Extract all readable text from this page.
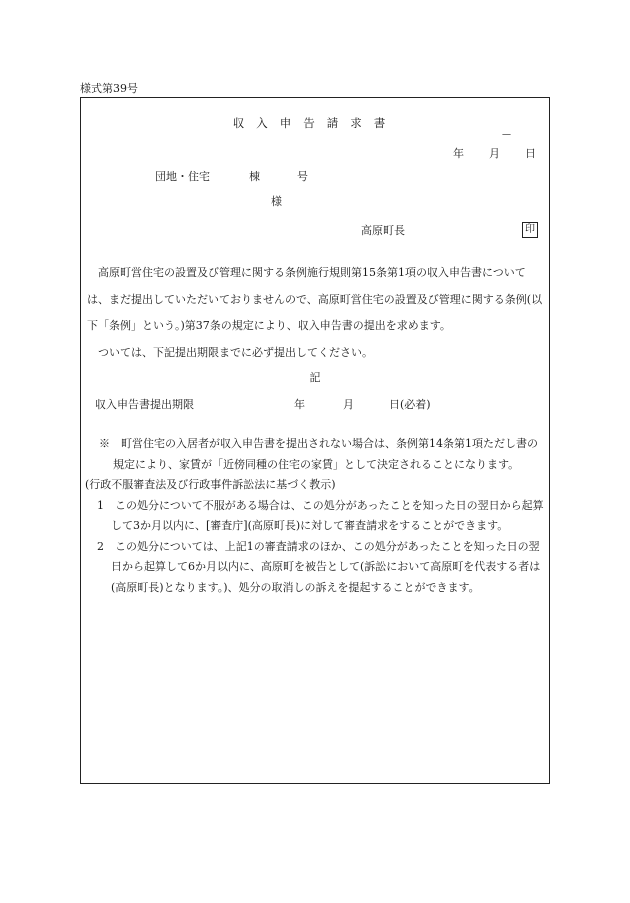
様式第39号
収入申告請求書
—
年 月 日
団地・住宅	棟	号
様
高原町長	印

高原町営住宅の設置及び管理に関する条例施行規則第15条第1項の収入申告書については、まだ提出していただいておりませんので、高原町営住宅の設置及び管理に関する条例(以下「条例」という。)第37条の規定により、収入申告書の提出を求めます。

ついては、下記提出期限までに必ず提出してください。

記
収入申告書提出期限	年	月	日(必着)

※　町営住宅の入居者が収入申告書を提出されない場合は、条例第14条第1項ただし書の規定により、家賃が「近傍同種の住宅の家賃」として決定されることになります。

(行政不服審査法及び行政事件訴訟法に基づく教示)

1　この処分について不服がある場合は、この処分があったことを知った日の翌日から起算して3か月以内に、[審査庁](高原町長)に対して審査請求をすることができます。

2　この処分については、上記1の審査請求のほか、この処分があったことを知った日の翌日から起算して6か月以内に、高原町を被告として(訴訟において高原町を代表する者は(高原町長)となります。)、処分の取消しの訴えを提起することができます。
